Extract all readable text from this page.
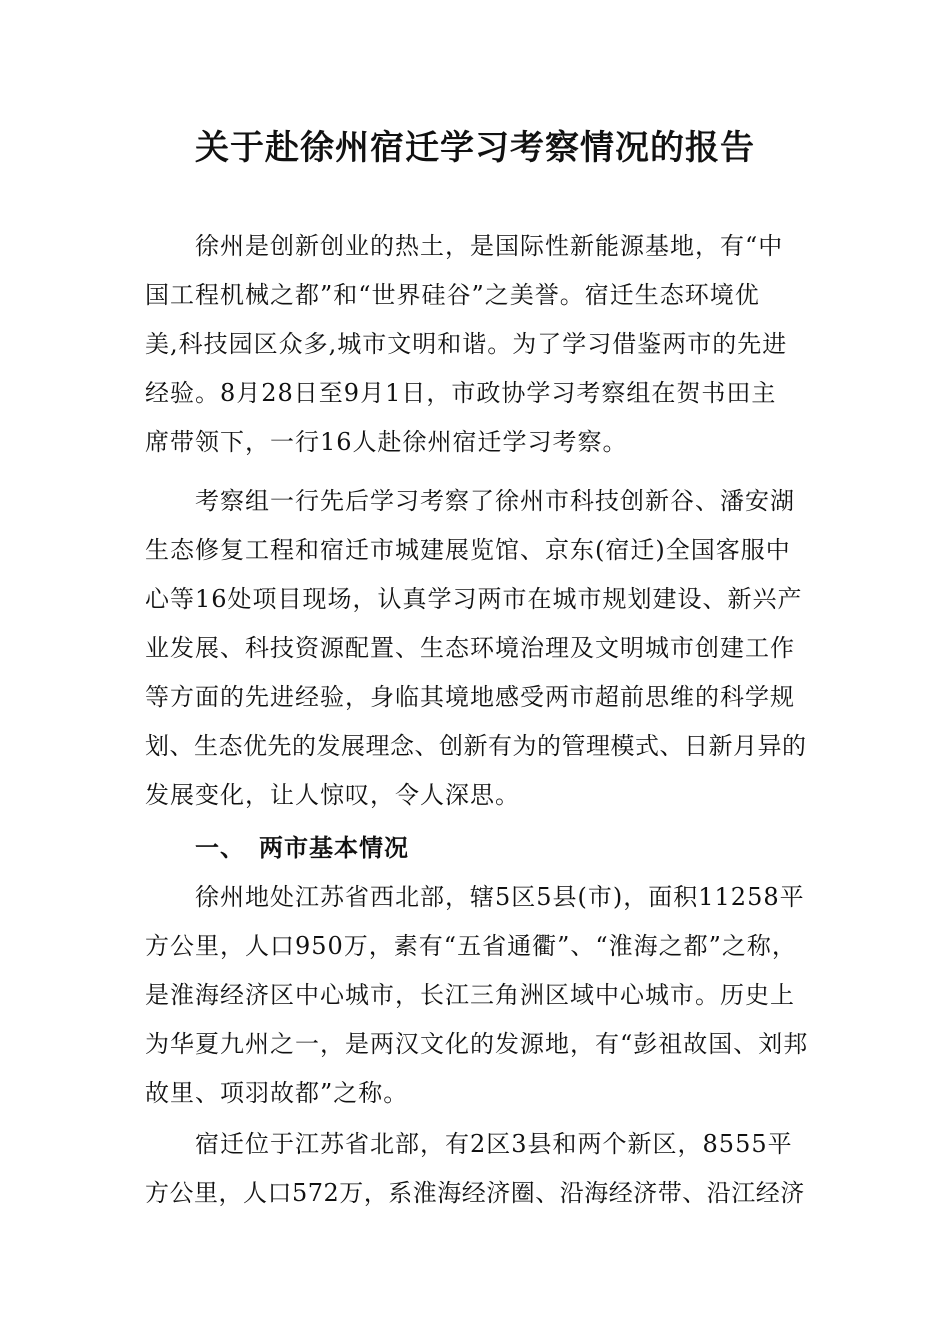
关于赴徐州宿迁学习考察情况的报告
徐州是创新创业的热土，是国际性新能源基地，有“中
国工程机械之都”和“世界硅谷”之美誉。宿迁生态环境优
美,科技园区众多,城市文明和谐。为了学习借鉴两市的先进
经验。8月28日至9月1日，市政协学习考察组在贺书田主
席带领下，一行16人赴徐州宿迁学习考察。
考察组一行先后学习考察了徐州市科技创新谷、潘安湖
生态修复工程和宿迁市城建展览馆、京东(宿迁)全国客服中
心等16处项目现场，认真学习两市在城市规划建设、新兴产
业发展、科技资源配置、生态环境治理及文明城市创建工作
等方面的先进经验，身临其境地感受两市超前思维的科学规
划、生态优先的发展理念、创新有为的管理模式、日新月异的
发展变化，让人惊叹，令人深思。
一、 两市基本情况
徐州地处江苏省西北部，辖5区5县(市)，面积11258平
方公里，人口950万，素有“五省通衢”、“淮海之都”之称，
是淮海经济区中心城市，长江三角洲区域中心城市。历史上
为华夏九州之一，是两汉文化的发源地，有“彭祖故国、刘邦
故里、项羽故都”之称。
宿迁位于江苏省北部，有2区3县和两个新区，8555平
方公里，人口572万，系淮海经济圈、沿海经济带、沿江经济
